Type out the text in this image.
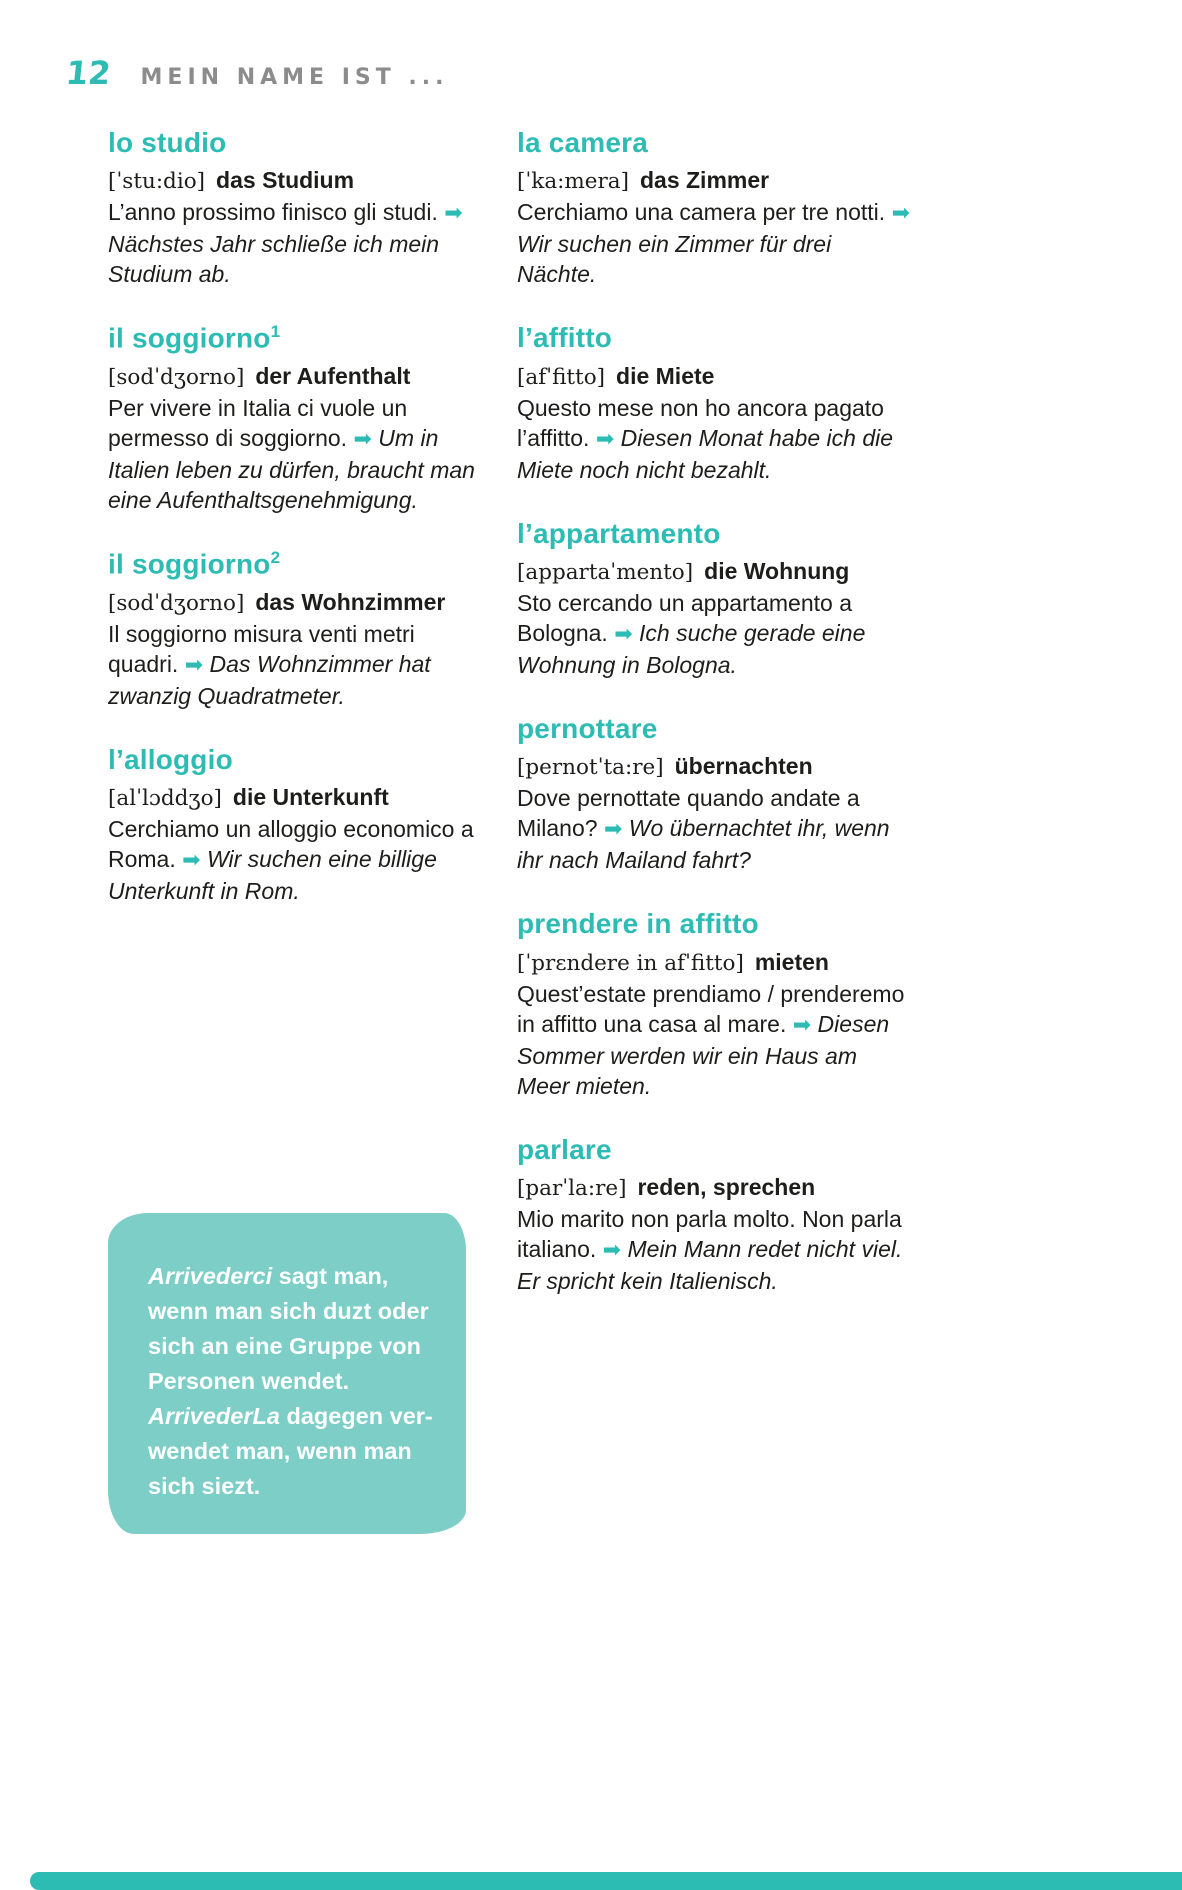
12 MEIN NAME IST ...
lo studio

[ˈstu:dio] das Studium

L’anno prossimo finisco gli studi. ➡ Nächstes Jahr schließe ich mein Studium ab.

il soggiorno$^1$

[sodˈdʒorno] der Aufenthalt

Per vivere in Italia ci vuole un permesso di soggiorno. ➡ Um in Italien leben zu dürfen, braucht man eine Aufenthaltsgenehmigung.

il soggiorno$^2$

[sodˈdʒorno] das Wohnzimmer

Il soggiorno misura venti metri quadri. ➡ Das Wohnzimmer hat zwanzig Quadratmeter.

l’alloggio

[alˈlɔddʒo] die Unterkunft

Cerchiamo un alloggio economico a Roma. ➡ Wir suchen eine billige Unterkunft in Rom.

la camera

[ˈka:mera] das Zimmer

Cerchiamo una camera per tre notti. ➡ Wir suchen ein Zimmer für drei Nächte.

l’affitto

[afˈfitto] die Miete

Questo mese non ho ancora pagato l’affitto. ➡ Diesen Monat habe ich die Miete noch nicht bezahlt.

l’appartamento

[appartaˈmento] die Wohnung

Sto cercando un appartamento a Bologna. ➡ Ich suche gerade eine Wohnung in Bologna.

pernottare

[pernotˈta:re] übernachten

Dove pernottate quando andate a Milano? ➡ Wo übernachtet ihr, wenn ihr nach Mailand fahrt?

prendere in affitto

[ˈprɛndere in afˈfitto] mieten

Quest’estate prendiamo / prenderemo in affitto una casa al mare. ➡ Diesen Sommer werden wir ein Haus am Meer mieten.

parlare

[parˈla:re] reden, sprechen

Mio marito non parla molto. Non parla italiano. ➡ Mein Mann redet nicht viel. Er spricht kein Italienisch.

Arrivederci sagt man, wenn man sich duzt oder sich an eine Gruppe von Personen wendet. ArrivederLa dagegen verwendet man, wenn man sich siezt.
